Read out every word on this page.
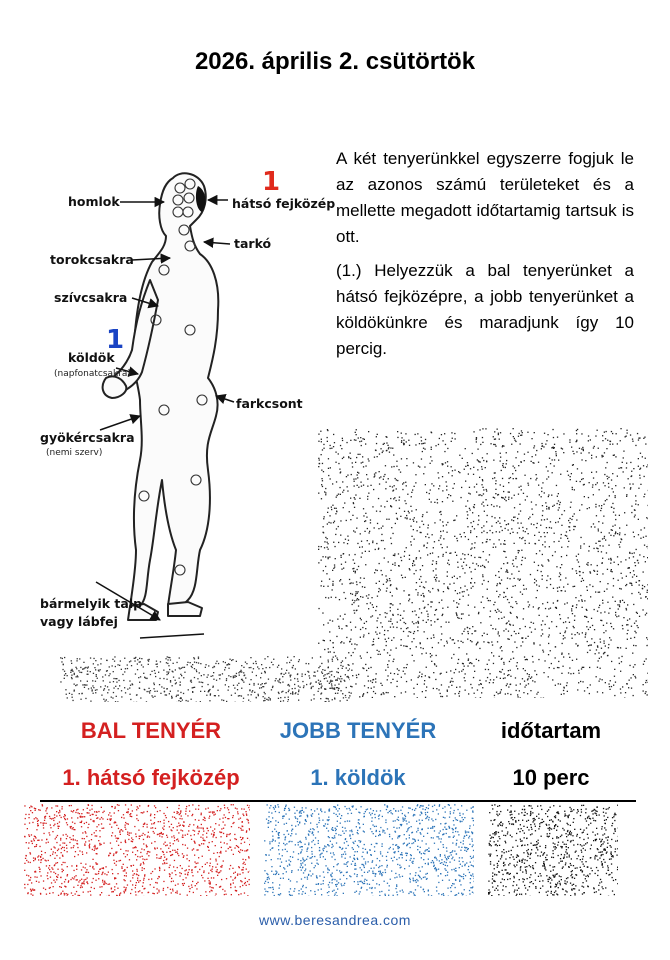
2026. április 2. csütörtök
homlok	hátsó fejközép
tarkó
torokcsakra
szívcsakra
köldök
(napfonatcsakra)
farkcsont
gyökércsakra
(nemi szerv)
bármelyik talp
vagy lábfej
1
1

A két tenyerünkkel egyszerre fogjuk le az azonos számú területeket és a mellette megadott időtartamig tartsuk is ott.

(1.) Helyezzük a bal tenyerünket a hátsó fejközépre, a jobb tenyerünket a köldökünkre és maradjunk így 10 percig.

BAL TENYÉR	JOBB TENYÉR	időtartam
1. hátsó fejközép	1. köldök	10 perc
www.beresandrea.com
